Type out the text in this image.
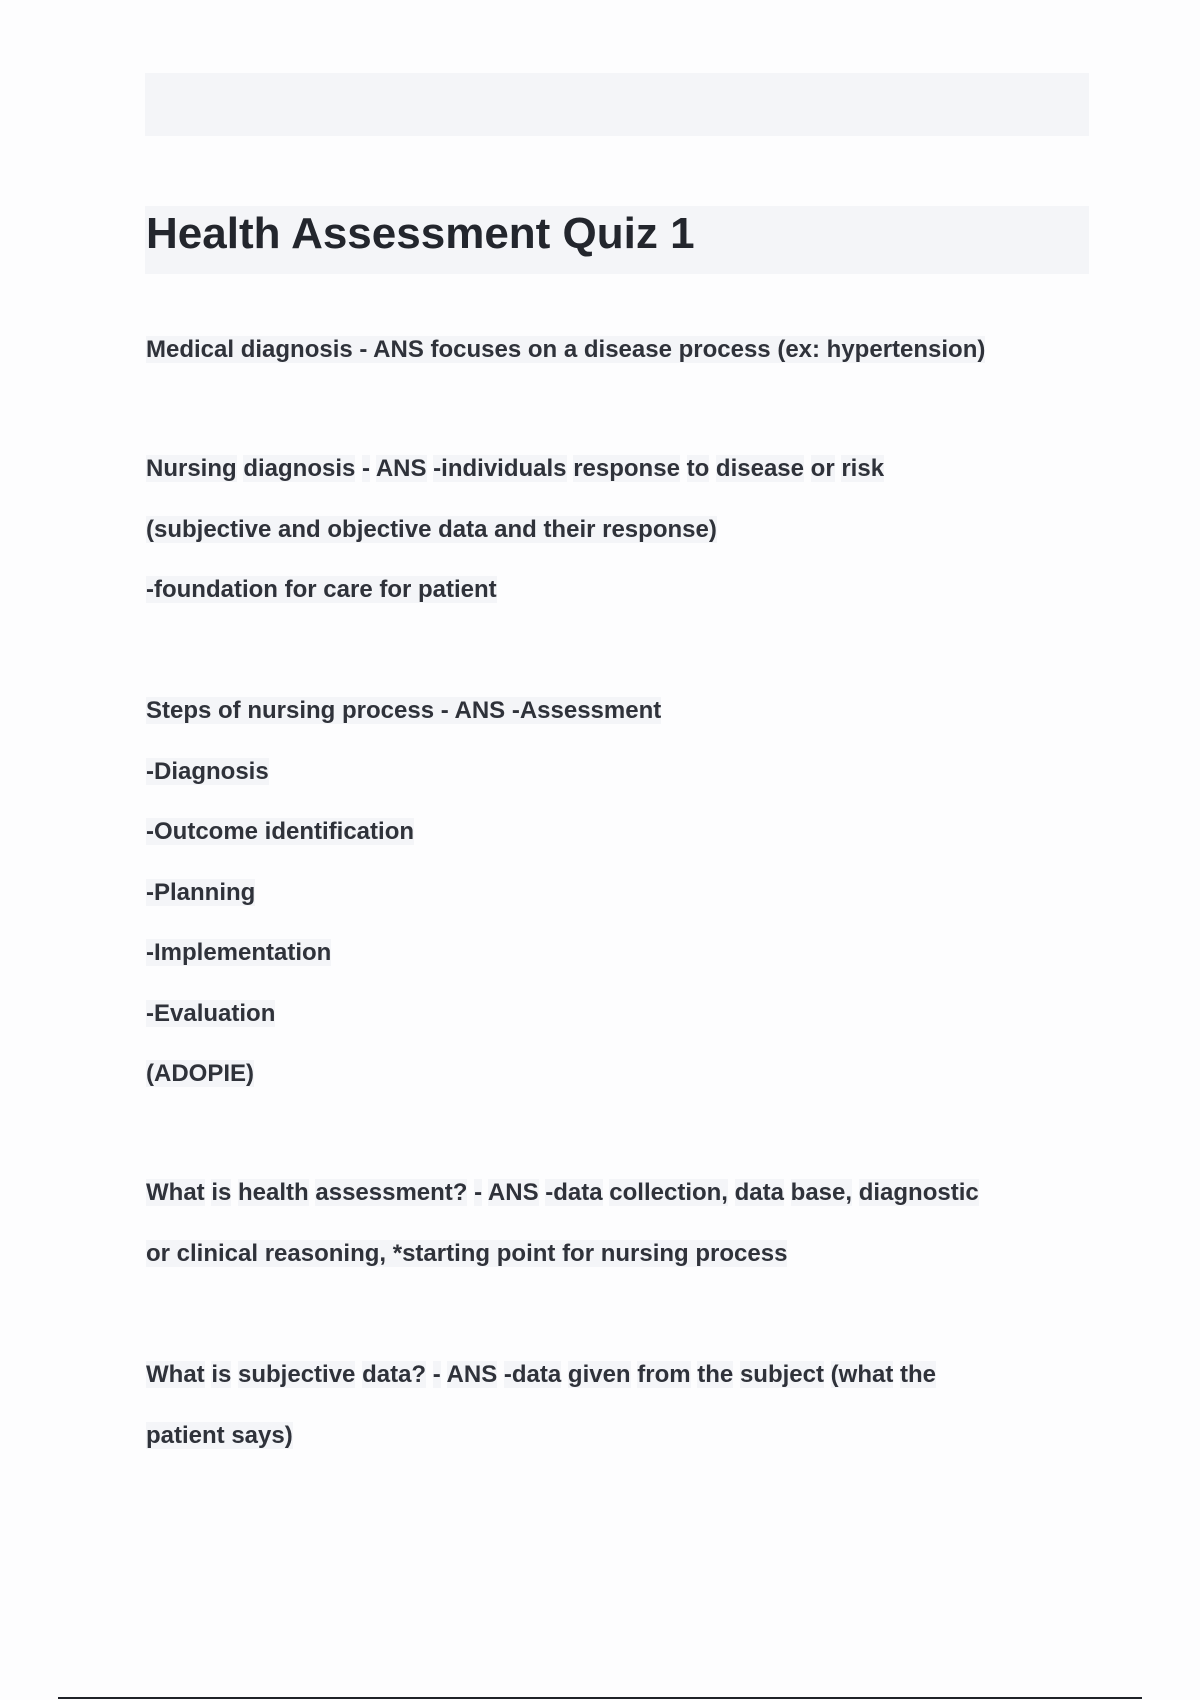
Health Assessment Quiz 1
Medical diagnosis - ANS focuses on a disease process (ex: hypertension)
Nursing diagnosis - ANS -individuals response to disease or risk
(subjective and objective data and their response)
-foundation for care for patient
Steps of nursing process - ANS -Assessment
-Diagnosis
-Outcome identification
-Planning
-Implementation
-Evaluation
(ADOPIE)
What is health assessment? - ANS -data collection, data base, diagnostic
or clinical reasoning, *starting point for nursing process
What is subjective data? - ANS -data given from the subject (what the
patient says)
